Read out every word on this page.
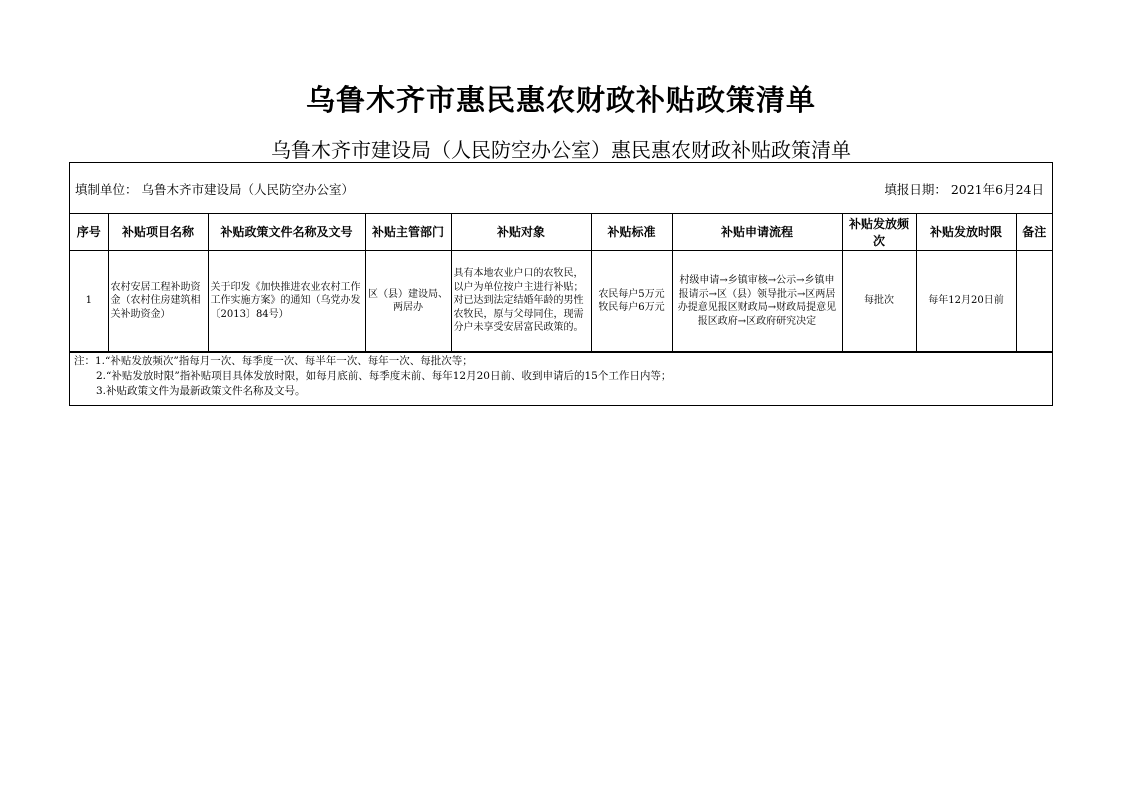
乌鲁木齐市惠民惠农财政补贴政策清单
乌鲁木齐市建设局（人民防空办公室）惠民惠农财政补贴政策清单
填制单位： 乌鲁木齐市建设局（人民防空办公室）	填报日期： 2021年6月24日
序号	补贴项目名称	补贴政策文件名称及文号	补贴主管部门	补贴对象	补贴标准	补贴申请流程	补贴发放频次	补贴发放时限	备注
1	农村安居工程补助资金（农村住房建筑相关补助资金）	关于印发《加快推进农业农村工作工作实施方案》的通知（乌党办发〔2013〕84号）	区（县）建设局、两居办	具有本地农业户口的农牧民，以户为单位按户主进行补贴；对已达到法定结婚年龄的男性农牧民，原与父母同住，现需分户未享受安居富民政策的。	农民每户5万元牧民每户6万元	村级申请→乡镇审核→公示→乡镇申报请示→区（县）领导批示→区两居办提意见报区财政局→财政局提意见报区政府→区政府研究决定	每批次	每年12月20日前	
注：1.“补贴发放频次”指每月一次、每季度一次、每半年一次、每年一次、每批次等；
2.“补贴发放时限”指补贴项目具体发放时限，如每月底前、每季度末前、每年12月20日前、收到申请后的15个工作日内等；
3.补贴政策文件为最新政策文件名称及文号。
